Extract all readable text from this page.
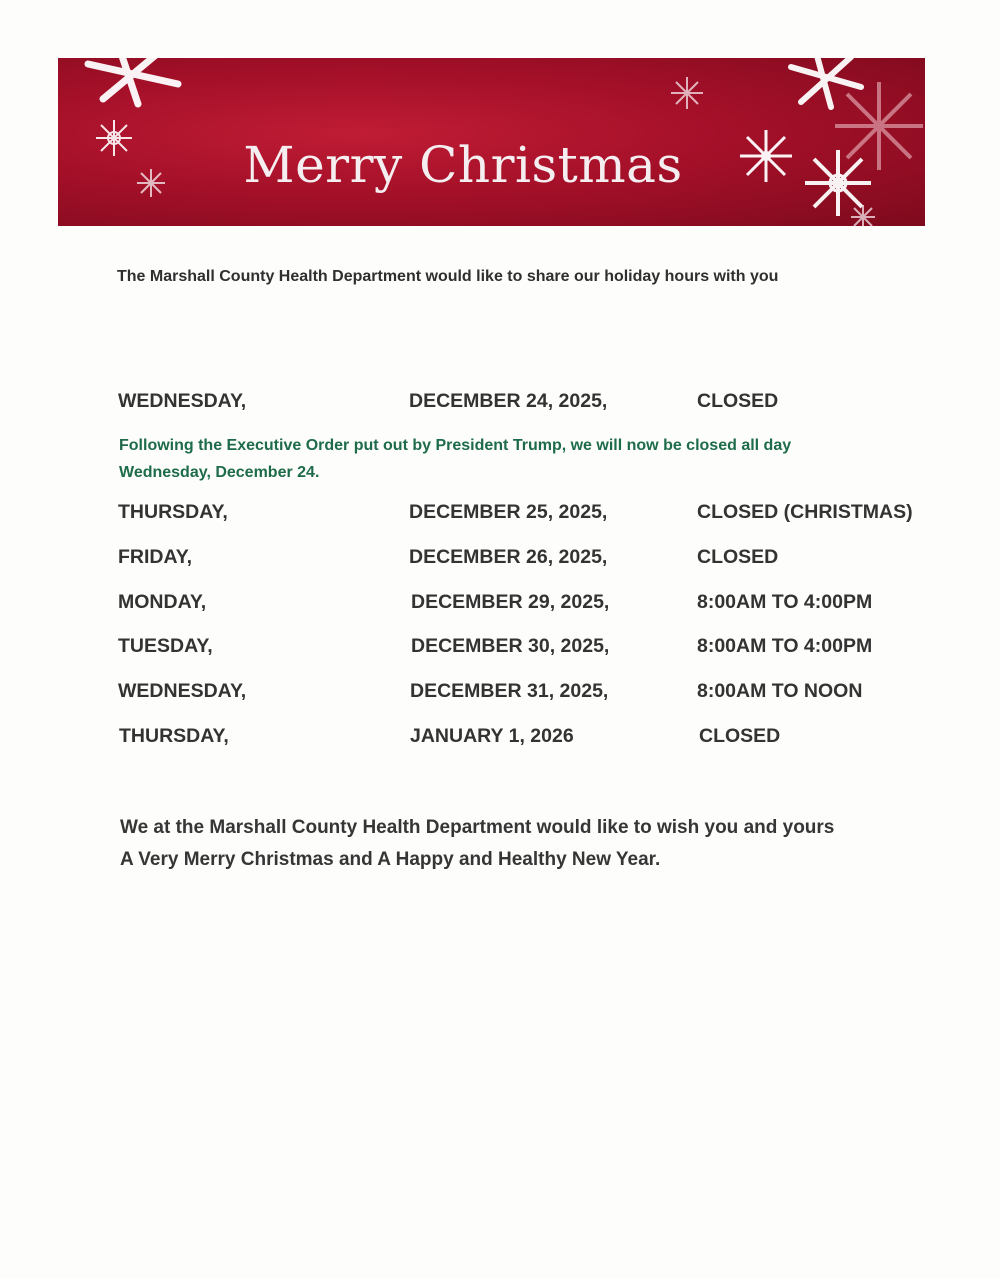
Merry Christmas
The Marshall County Health Department would like to share our holiday hours with you
WEDNESDAY,	DECEMBER 24, 2025,	CLOSED
Following the Executive Order put out by President Trump, we will now be closed all day
Wednesday, December 24.
THURSDAY,	DECEMBER 25, 2025,	CLOSED (CHRISTMAS)
FRIDAY,	DECEMBER 26, 2025,	CLOSED
MONDAY,	DECEMBER 29, 2025,	8:00AM TO 4:00PM
TUESDAY,	DECEMBER 30, 2025,	8:00AM TO 4:00PM
WEDNESDAY,	DECEMBER 31, 2025,	8:00AM TO NOON
THURSDAY,	JANUARY 1, 2026	CLOSED
We at the Marshall County Health Department would like to wish you and yours
A Very Merry Christmas and A Happy and Healthy New Year.
